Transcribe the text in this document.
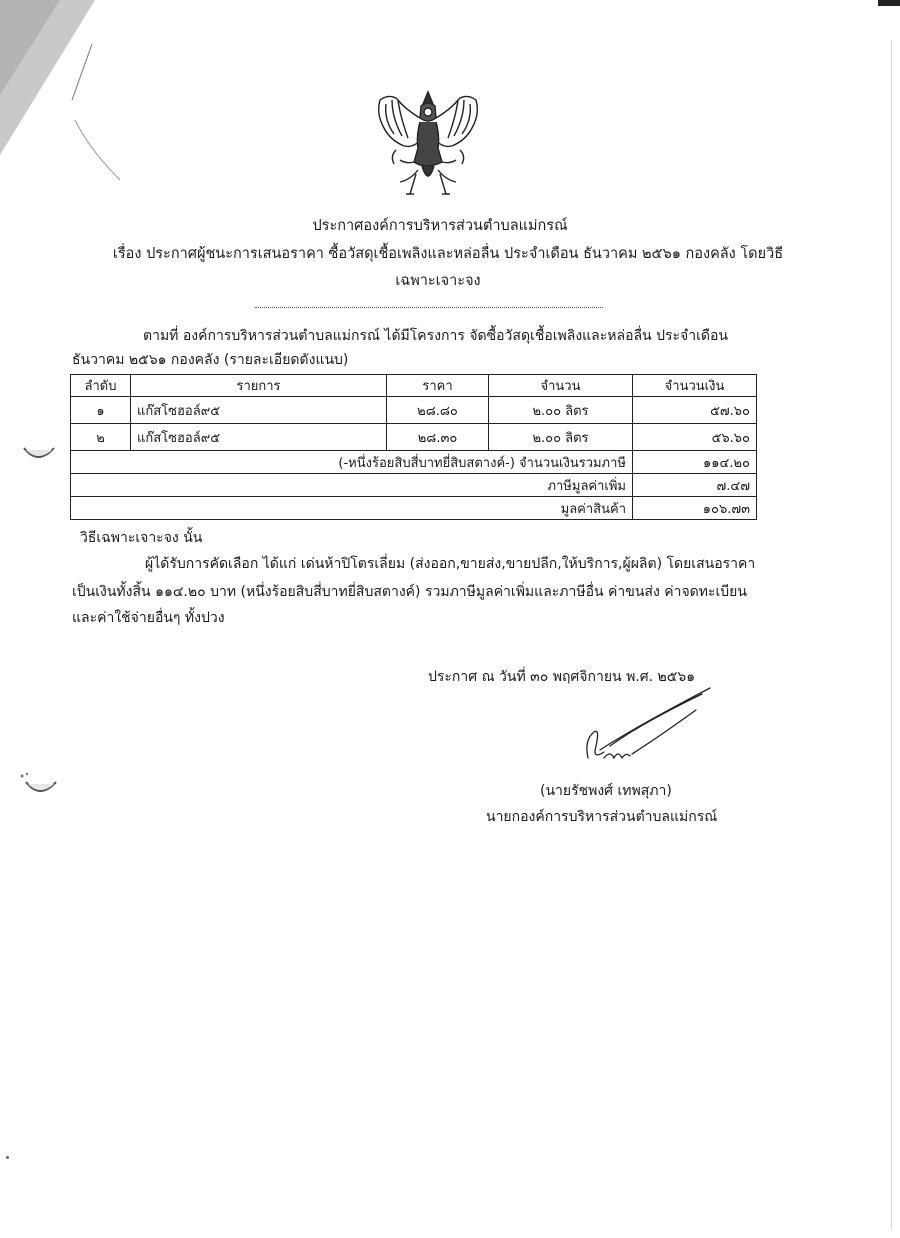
ประกาศองค์การบริหารส่วนตำบลแม่กรณ์
เรื่อง ประกาศผู้ชนะการเสนอราคา ซื้อวัสดุเชื้อเพลิงและหล่อลื่น ประจำเดือน ธันวาคม ๒๕๖๑ กองคลัง โดยวิธี
เฉพาะเจาะจง
ตามที่ องค์การบริหารส่วนตำบลแม่กรณ์ ได้มีโครงการ จัดซื้อวัสดุเชื้อเพลิงและหล่อลื่น ประจำเดือน
ธันวาคม ๒๕๖๑ กองคลัง (รายละเอียดดังแนบ)
ลำดับ	รายการ	ราคา	จำนวน	จำนวนเงิน
๑	แก๊สโซฮอล์๙๕	๒๘.๘๐	๒.๐๐ ลิตร	๕๗.๖๐
๒	แก๊สโซฮอล์๙๕	๒๘.๓๐	๒.๐๐ ลิตร	๕๖.๖๐
(-หนึ่งร้อยสิบสี่บาทยี่สิบสตางค์-) จำนวนเงินรวมภาษี				๑๑๔.๒๐
ภาษีมูลค่าเพิ่ม				๗.๔๗
มูลค่าสินค้า				๑๐๖.๗๓
วิธีเฉพาะเจาะจง นั้น
ผู้ได้รับการคัดเลือก ได้แก่ เด่นห้าปิโตรเลี่ยม (ส่งออก,ขายส่ง,ขายปลีก,ให้บริการ,ผู้ผลิต) โดยเสนอราคา
เป็นเงินทั้งสิ้น ๑๑๔.๒๐ บาท (หนึ่งร้อยสิบสี่บาทยี่สิบสตางค์) รวมภาษีมูลค่าเพิ่มและภาษีอื่น ค่าขนส่ง ค่าจดทะเบียน
และค่าใช้จ่ายอื่นๆ ทั้งปวง
ประกาศ ณ วันที่ ๓๐ พฤศจิกายน พ.ศ. ๒๕๖๑
(นายรัชพงศ์ เทพสุภา)
นายกองค์การบริหารส่วนตำบลแม่กรณ์
